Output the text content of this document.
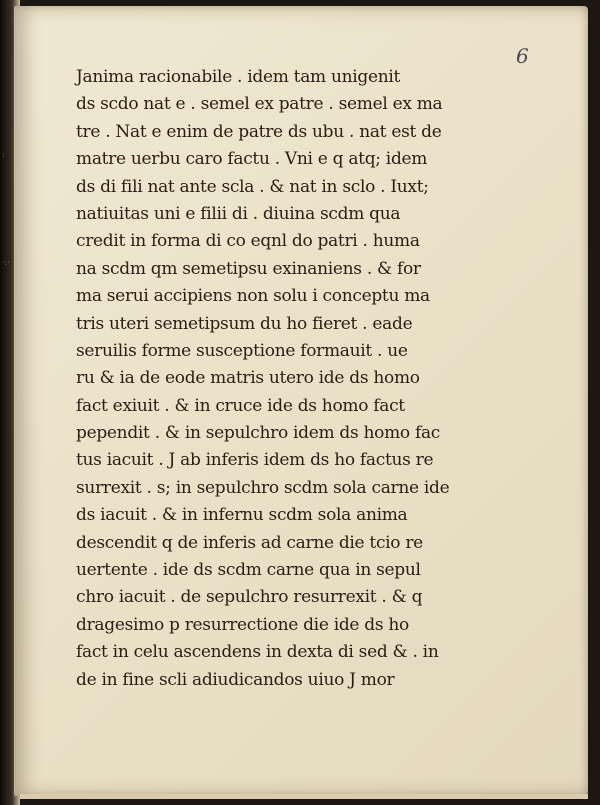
·:·
:
6
Janima racionabile . idem tam unigenit
ds scdo nat e . semel ex patre . semel ex ma
tre . Nat e enim de patre ds ubu . nat est de
matre uerbu caro factu . Vni e q atq; idem
ds di fili nat ante scla . & nat in sclo . Iuxt;
natiuitas uni e filii di . diuina scdm qua
credit in forma di co eqnl do patri . huma
na scdm qm semetipsu exinaniens . & for
ma serui accipiens non solu i conceptu ma
tris uteri semetipsum du ho fieret . eade
seruilis forme susceptione formauit . ue
ru & ia de eode matris utero ide ds homo
fact exiuit . & in cruce ide ds homo fact
pependit . & in sepulchro idem ds homo fac
tus iacuit . J ab inferis idem ds ho factus re
surrexit . s; in sepulchro scdm sola carne ide
ds iacuit . & in infernu scdm sola anima
descendit q de inferis ad carne die tcio re
uertente . ide ds scdm carne qua in sepul
chro iacuit . de sepulchro resurrexit . & q
dragesimo p resurrectione die ide ds ho
fact in celu ascendens in dexta di sed & . in
de in fine scli adiudicandos uiuo J mor
